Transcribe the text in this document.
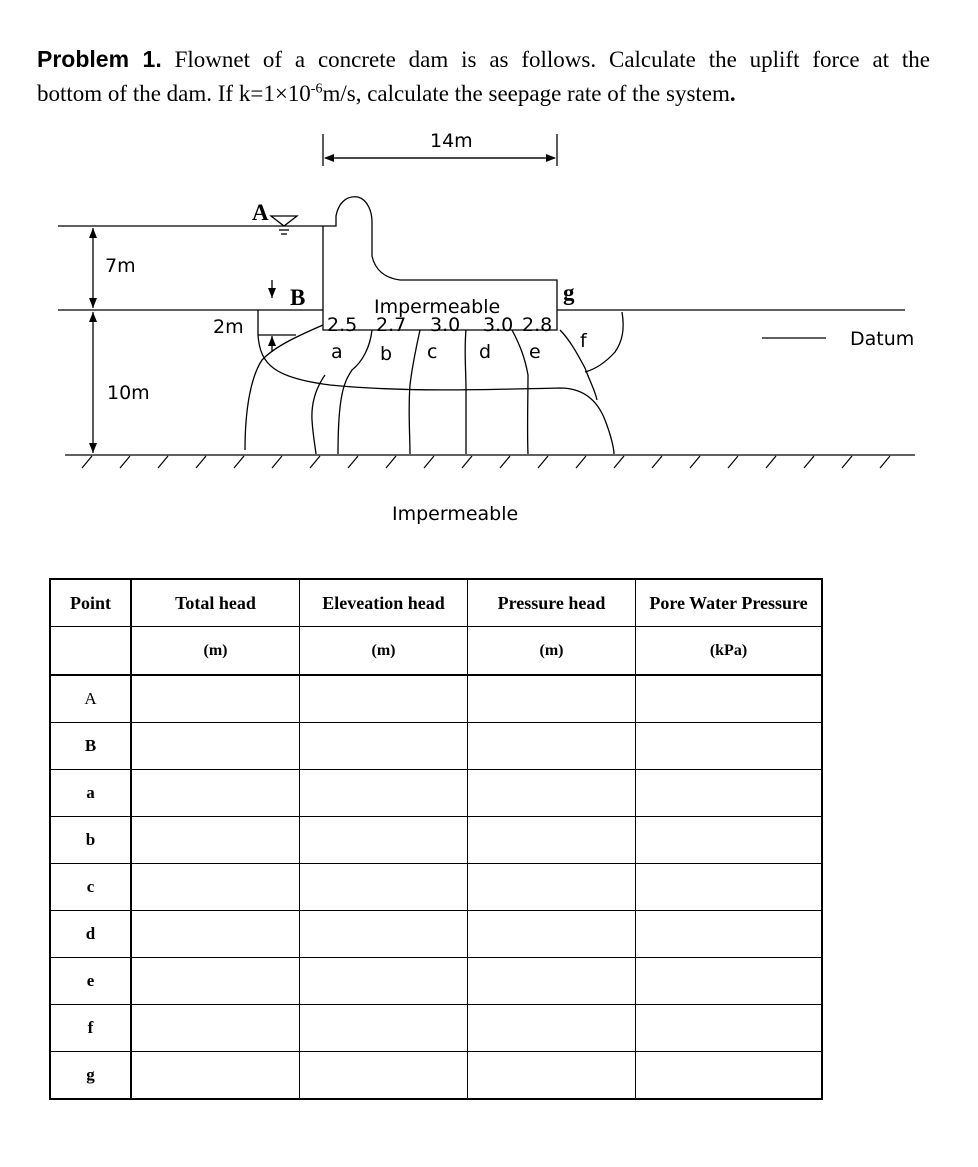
Problem 1. Flownet of a concrete dam is as follows. Calculate the uplift force at the
bottom of the dam. If $k=1\times 10^{-6}m/s$, calculate the seepage rate of the system.
14m
7m
10m
A
B	g
2m
Impermeable
2.5 2.7 3.0 3.0 2.8
a b c d e f	Datum
Impermeable
Point	Total head	Eleveation head	Pressure head	Pore Water Pressure
	(m)	(m)	(m)	(kPa)
A				
B				
a				
b				
c				
d				
e				
f				
g				
